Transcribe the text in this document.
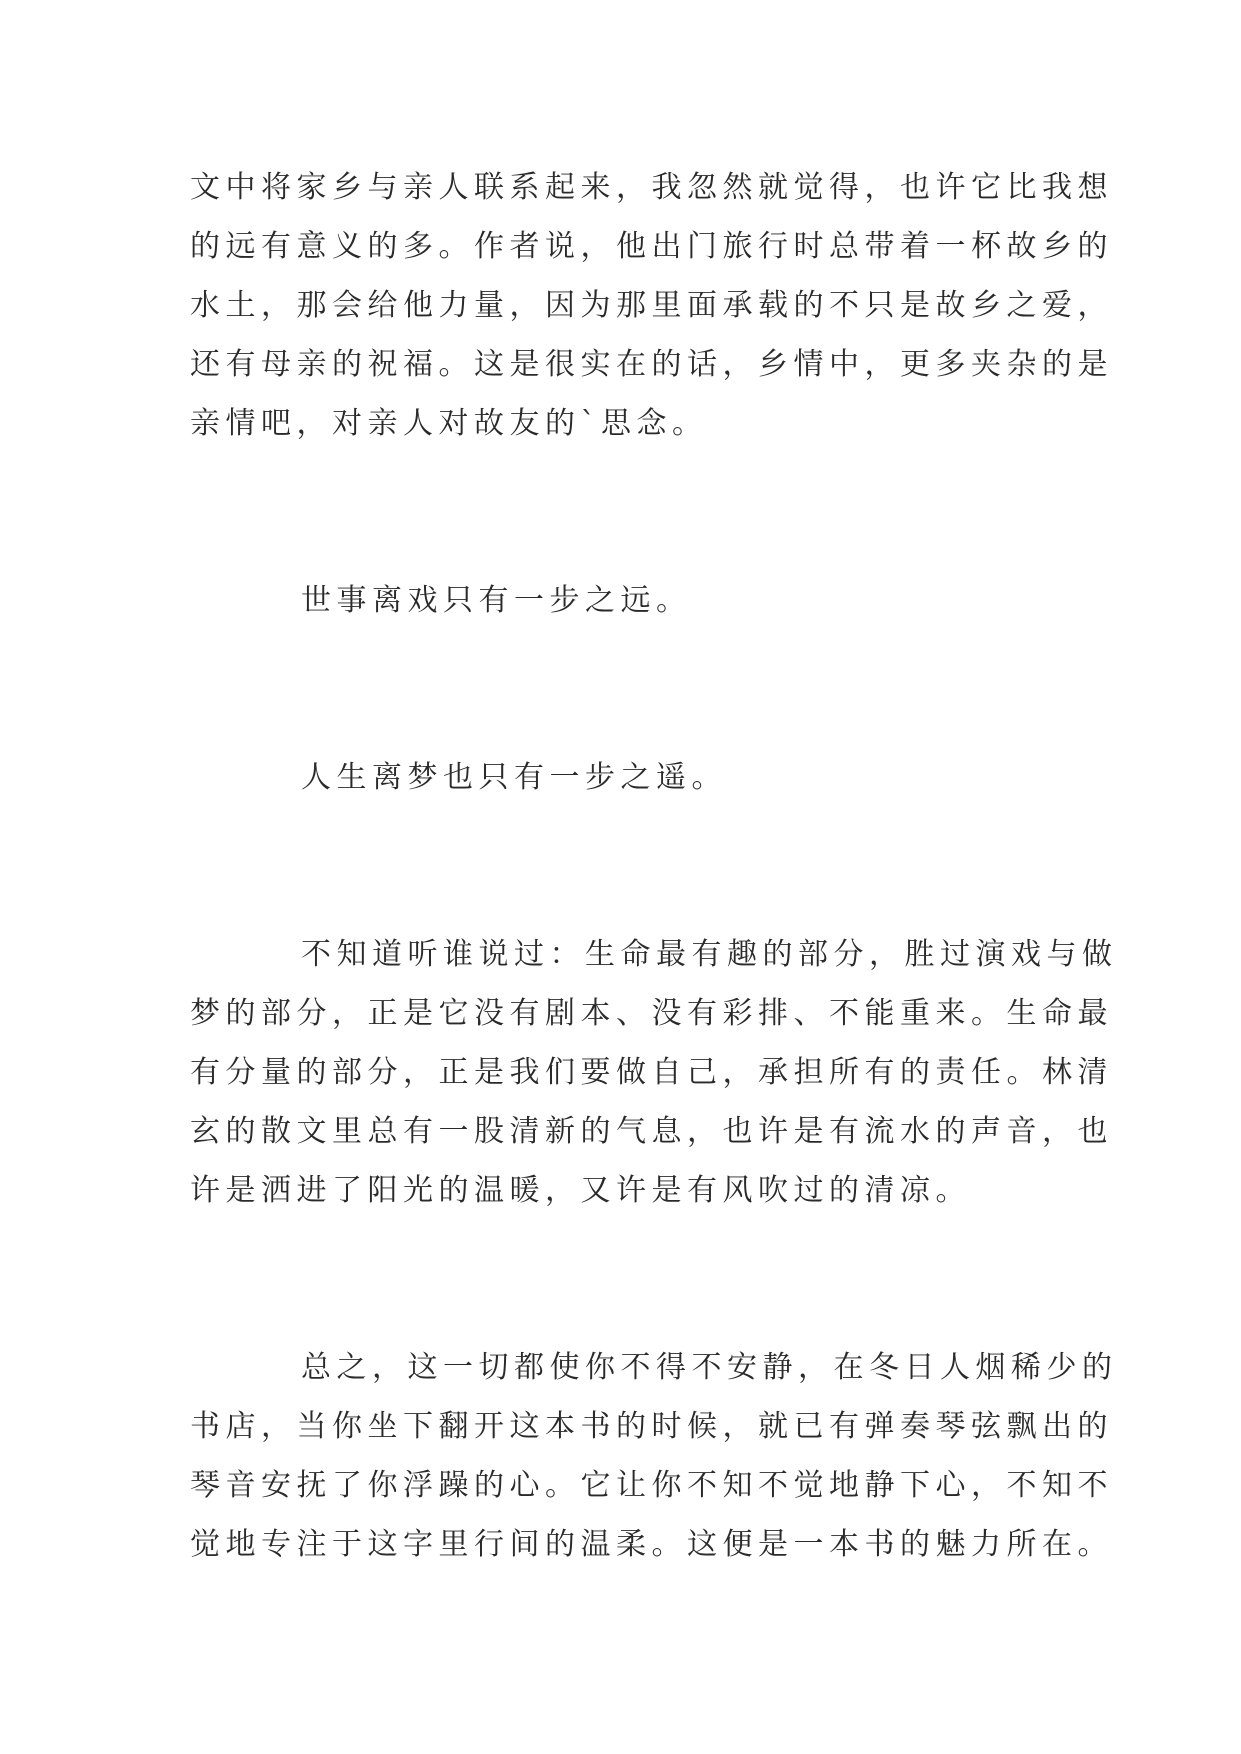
文中将家乡与亲人联系起来，我忽然就觉得，也许它比我想
的远有意义的多。作者说，他出门旅行时总带着一杯故乡的
水土，那会给他力量，因为那里面承载的不只是故乡之爱，
还有母亲的祝福。这是很实在的话，乡情中，更多夹杂的是
亲情吧，对亲人对故友的`思念。

世事离戏只有一步之远。

人生离梦也只有一步之遥。

不知道听谁说过：生命最有趣的部分，胜过演戏与做
梦的部分，正是它没有剧本、没有彩排、不能重来。生命最
有分量的部分，正是我们要做自己，承担所有的责任。林清
玄的散文里总有一股清新的气息，也许是有流水的声音，也
许是洒进了阳光的温暖，又许是有风吹过的清凉。

总之，这一切都使你不得不安静，在冬日人烟稀少的
书店，当你坐下翻开这本书的时候，就已有弹奏琴弦飘出的
琴音安抚了你浮躁的心。它让你不知不觉地静下心，不知不
觉地专注于这字里行间的温柔。这便是一本书的魅力所在。
